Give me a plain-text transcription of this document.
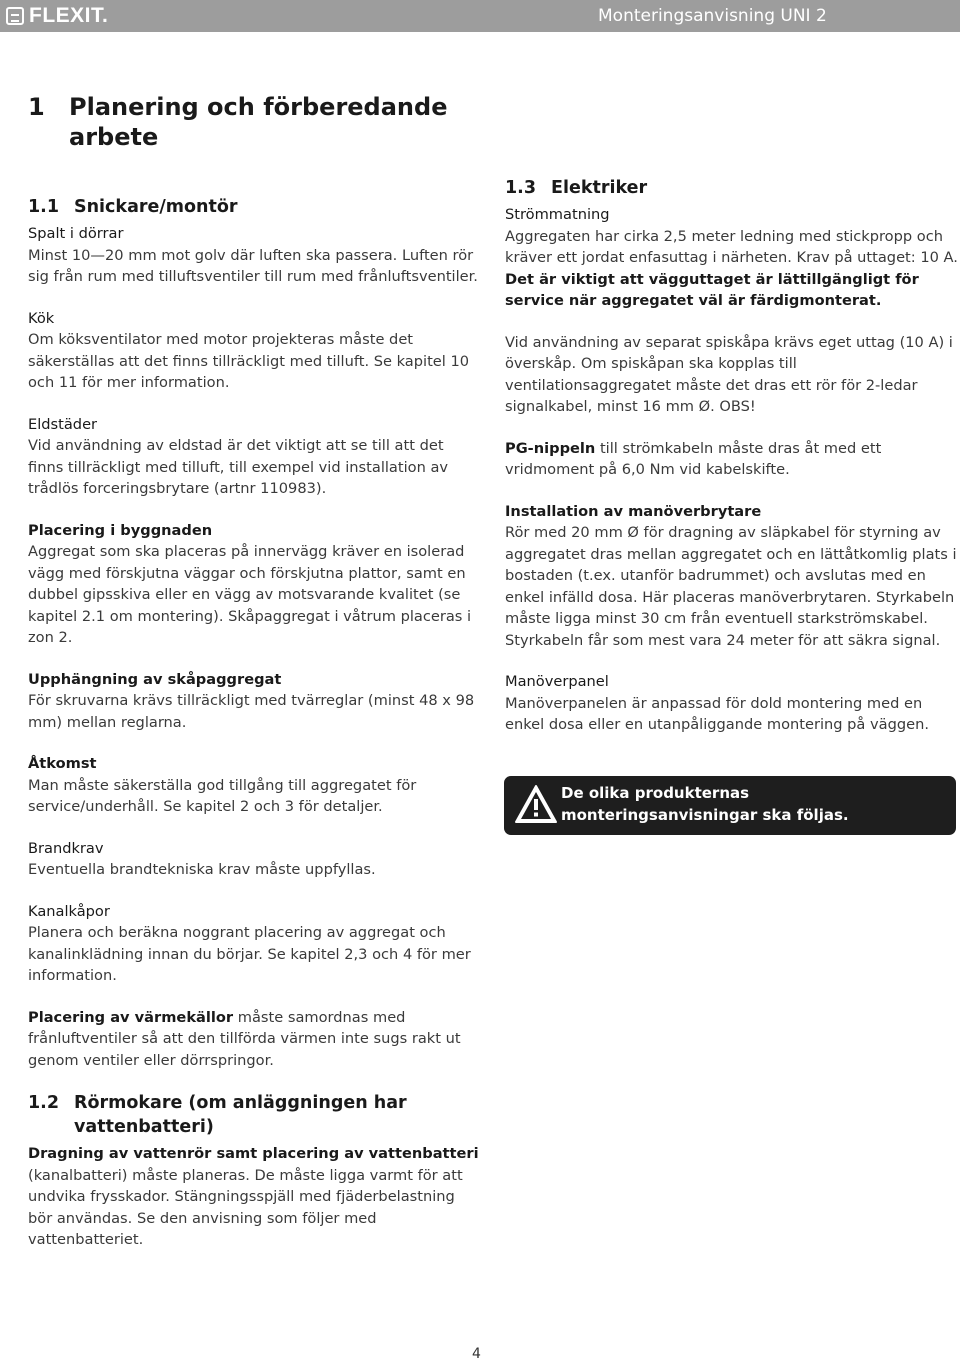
FLEXIT.	Monteringsanvisning UNI 2
1	Planering och förberedande arbete
1.1 Snickare/montör
Spalt i dörrar
Minst 10—20 mm mot golv där luften ska passera. Luften rör sig från rum med tilluftsventiler till rum med frånluftsventiler.
Kök
Om köksventilator med motor projekteras måste det säkerställas att det finns tillräckligt med tilluft. Se kapitel 10 och 11 för mer information.
Eldstäder
Vid användning av eldstad är det viktigt att se till att det finns tillräckligt med tilluft, till exempel vid installation av trådlös forceringsbrytare (artnr 110983).
Placering i byggnaden
Aggregat som ska placeras på innervägg kräver en isolerad vägg med förskjutna väggar och förskjutna plattor, samt en dubbel gipsskiva eller en vägg av motsvarande kvalitet (se kapitel 2.1 om montering). Skåpaggregat i våtrum placeras i zon 2.
Upphängning av skåpaggregat
För skruvarna krävs tillräckligt med tvärreglar (minst 48 x 98 mm) mellan reglarna.
Åtkomst
Man måste säkerställa god tillgång till aggregatet för service/underhåll. Se kapitel 2 och 3 för detaljer.
Brandkrav
Eventuella brandtekniska krav måste uppfyllas.
Kanalkåpor
Planera och beräkna noggrant placering av aggregat och kanalinklädning innan du börjar. Se kapitel 2,3 och 4 för mer information.
Placering av värmekällor måste samordnas med frånluftventiler så att den tillförda värmen inte sugs rakt ut genom ventiler eller dörrspringor.
1.2 Rörmokare (om anläggningen har vattenbatteri)
Dragning av vattenrör samt placering av vattenbatteri
(kanalbatteri) måste planeras. De måste ligga varmt för att undvika frysskador. Stängningsspjäll med fjäderbelastning bör användas. Se den anvisning som följer med vattenbatteriet.
1.3 Elektriker
Strömmatning
Aggregaten har cirka 2,5 meter ledning med stickpropp och kräver ett jordat enfasuttag i närheten. Krav på uttaget: 10 A.
Det är viktigt att vägguttaget är lättillgängligt för service när aggregatet väl är färdigmonterat.
Vid användning av separat spiskåpa krävs eget uttag (10 A) i överskåp. Om spiskåpan ska kopplas till ventilationsaggregatet måste det dras ett rör för 2-ledar signalkabel, minst 16 mm Ø. OBS!
PG-nippeln till strömkabeln måste dras åt med ett vridmoment på 6,0 Nm vid kabelskifte.
Installation av manöverbrytare
Rör med 20 mm Ø för dragning av släpkabel för styrning av aggregatet dras mellan aggregatet och en lättåtkomlig plats i bostaden (t.ex. utanför badrummet) och avslutas med en enkel infälld dosa. Här placeras manöverbrytaren. Styrkabeln måste ligga minst 30 cm från eventuell starkströmskabel. Styrkabeln får som mest vara 24 meter för att säkra signal.
Manöverpanel
Manöverpanelen är anpassad för dold montering med en enkel dosa eller en utanpåliggande montering på väggen.
De olika produkternas monteringsanvisningar ska följas.
4
